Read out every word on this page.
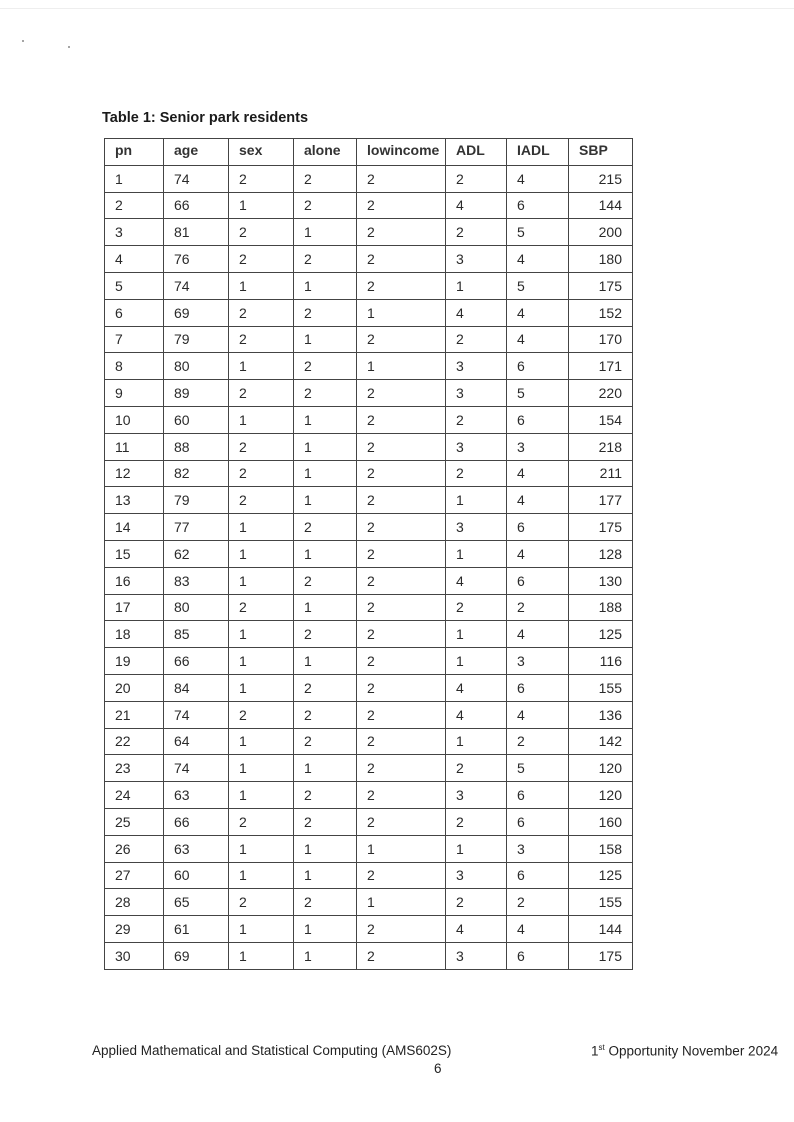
Table 1: Senior park residents
pn	age	sex	alone	lowincome	ADL	IADL	SBP
1	74	2	2	2	2	4	215
2	66	1	2	2	4	6	144
3	81	2	1	2	2	5	200
4	76	2	2	2	3	4	180
5	74	1	1	2	1	5	175
6	69	2	2	1	4	4	152
7	79	2	1	2	2	4	170
8	80	1	2	1	3	6	171
9	89	2	2	2	3	5	220
10	60	1	1	2	2	6	154
11	88	2	1	2	3	3	218
12	82	2	1	2	2	4	211
13	79	2	1	2	1	4	177
14	77	1	2	2	3	6	175
15	62	1	1	2	1	4	128
16	83	1	2	2	4	6	130
17	80	2	1	2	2	2	188
18	85	1	2	2	1	4	125
19	66	1	1	2	1	3	116
20	84	1	2	2	4	6	155
21	74	2	2	2	4	4	136
22	64	1	2	2	1	2	142
23	74	1	1	2	2	5	120
24	63	1	2	2	3	6	120
25	66	2	2	2	2	6	160
26	63	1	1	1	1	3	158
27	60	1	1	2	3	6	125
28	65	2	2	1	2	2	155
29	61	1	1	2	4	4	144
30	69	1	1	2	3	6	175
Applied Mathematical and Statistical Computing (AMS602S)	1st Opportunity November 2024
6
